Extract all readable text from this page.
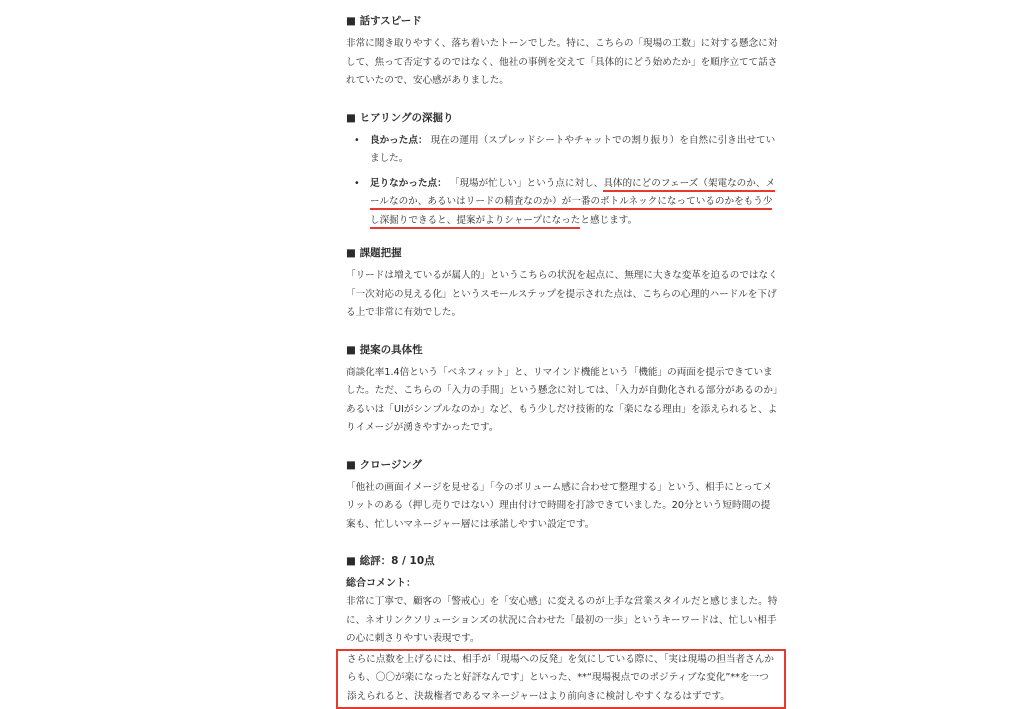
■ 話すスピード

非常に聞き取りやすく、落ち着いたトーンでした。特に、こちらの「現場の工数」に対する懸念に対して、焦って否定するのではなく、他社の事例を交えて「具体的にどう始めたか」を順序立てて話されていたので、安心感がありました。

■ ヒアリングの深掘り
• 良かった点： 現在の運用（スプレッドシートやチャットでの割り振り）を自然に引き出せていました。
• 足りなかった点： 「現場が忙しい」という点に対し、具体的にどのフェーズ（架電なのか、メールなのか、あるいはリードの精査なのか）が一番のボトルネックになっているのかをもう少し深掘りできると、提案がよりシャープになったと感じます。
■ 課題把握

「リードは増えているが属人的」というこちらの状況を起点に、無理に大きな変革を迫るのではなく「一次対応の見える化」というスモールステップを提示された点は、こちらの心理的ハードルを下げる上で非常に有効でした。

■ 提案の具体性

商談化率1.4倍という「ベネフィット」と、リマインド機能という「機能」の両面を提示できていました。ただ、こちらの「入力の手間」という懸念に対しては、「入力が自動化される部分があるのか」あるいは「UIがシンプルなのか」など、もう少しだけ技術的な「楽になる理由」を添えられると、よりイメージが湧きやすかったです。

■ クロージング

「他社の画面イメージを見せる」「今のボリューム感に合わせて整理する」という、相手にとってメリットのある（押し売りではない）理由付けで時間を打診できていました。20分という短時間の提案も、忙しいマネージャー層には承諾しやすい設定です。

■ 総評：8 / 10点
総合コメント：

非常に丁寧で、顧客の「警戒心」を「安心感」に変えるのが上手な営業スタイルだと感じました。特に、ネオリンクソリューションズの状況に合わせた「最初の一歩」というキーワードは、忙しい相手の心に刺さりやすい表現です。

さらに点数を上げるには、相手が「現場への反発」を気にしている際に、「実は現場の担当者さんからも、〇〇が楽になったと好評なんです」といった、**“現場視点でのポジティブな変化”**を一つ添えられると、決裁権者であるマネージャーはより前向きに検討しやすくなるはずです。
